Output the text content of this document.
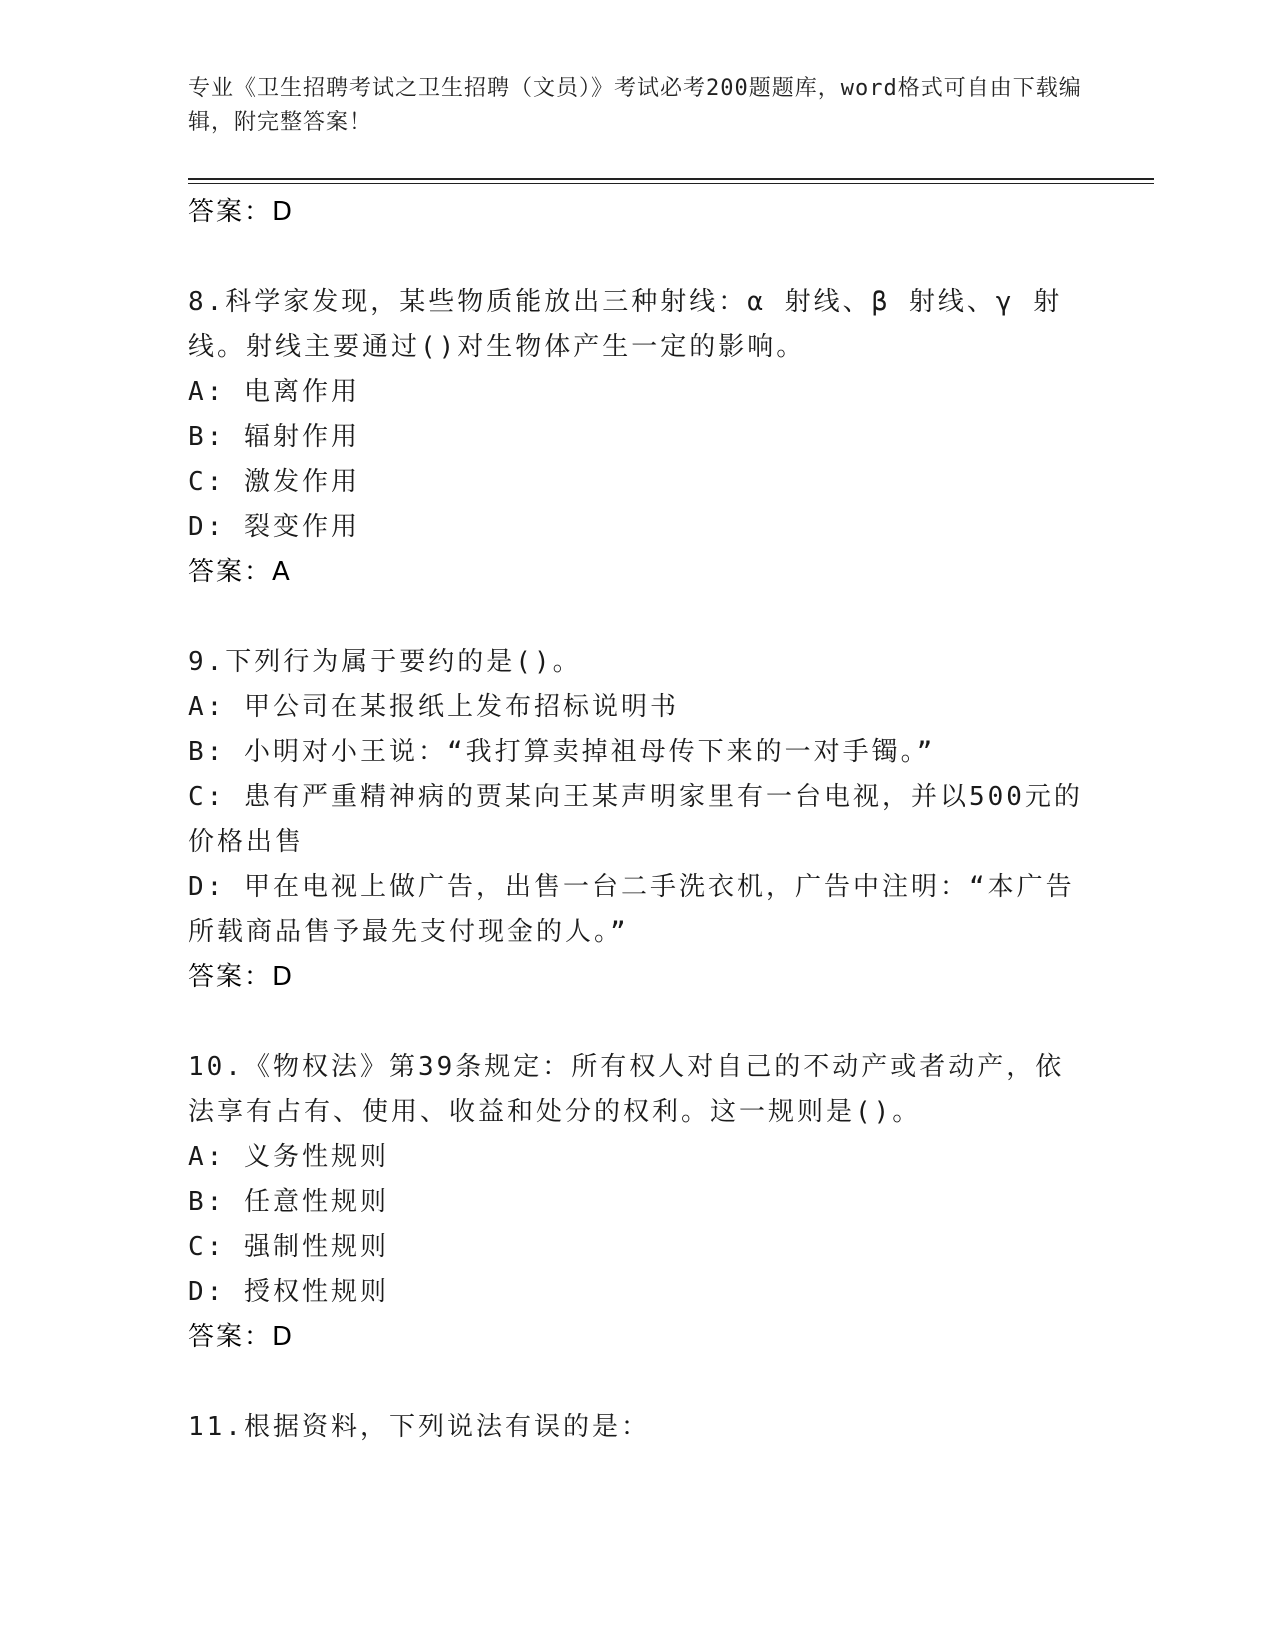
专业《卫生招聘考试之卫生招聘（文员）》考试必考200题题库，word格式可自由下载编辑，附完整答案！
答案：D
8.科学家发现，某些物质能放出三种射线：α 射线、β 射线、γ 射线。射线主要通过()对生物体产生一定的影响。
A: 电离作用
B: 辐射作用
C: 激发作用
D: 裂变作用
答案：A
9.下列行为属于要约的是()。
A: 甲公司在某报纸上发布招标说明书
B: 小明对小王说：“我打算卖掉祖母传下来的一对手镯。”
C: 患有严重精神病的贾某向王某声明家里有一台电视，并以500元的价格出售
D: 甲在电视上做广告，出售一台二手洗衣机，广告中注明：“本广告所载商品售予最先支付现金的人。”
答案：D
10.《物权法》第39条规定：所有权人对自己的不动产或者动产，依法享有占有、使用、收益和处分的权利。这一规则是()。
A: 义务性规则
B: 任意性规则
C: 强制性规则
D: 授权性规则
答案：D
11.根据资料，下列说法有误的是：
